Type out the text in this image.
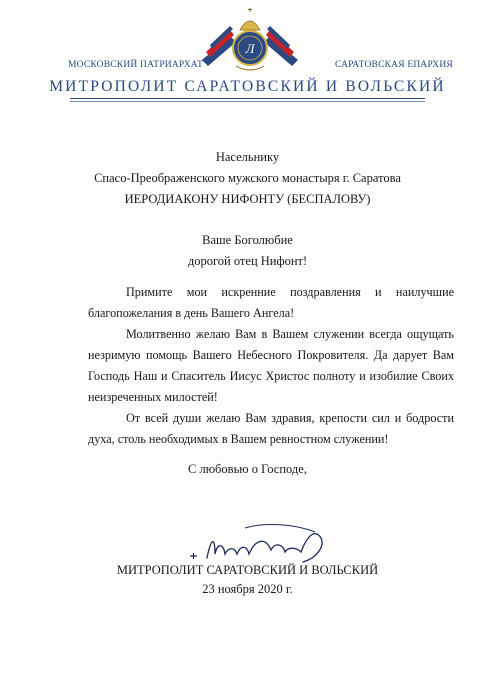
МОСКОВСКИЙ ПАТРИАРХАТ	САРАТОВСКАЯ ЕПАРХИЯ
Л
МИТРОПОЛИТ САРАТОВСКИЙ И ВОЛЬСКИЙ
Насельнику
Спасо-Преображенского мужского монастыря г. Саратова
ИЕРОДИАКОНУ НИФОНТУ (БЕСПАЛОВУ)
Ваше Боголюбие
дорогой отец Нифонт!
Примите мои искренние поздравления и наилучшие благопожелания в день Вашего Ангела!
Молитвенно желаю Вам в Вашем служении всегда ощущать незримую помощь Вашего Небесного Покровителя. Да дарует Вам Господь Наш и Спаситель Иисус Христос полноту и изобилие Своих неизреченных милостей!
От всей души желаю Вам здравия, крепости сил и бодрости духа, столь необходимых в Вашем ревностном служении!
С любовью о Господе,
МИТРОПОЛИТ САРАТОВСКИЙ И ВОЛЬСКИЙ
23 ноября 2020 г.
